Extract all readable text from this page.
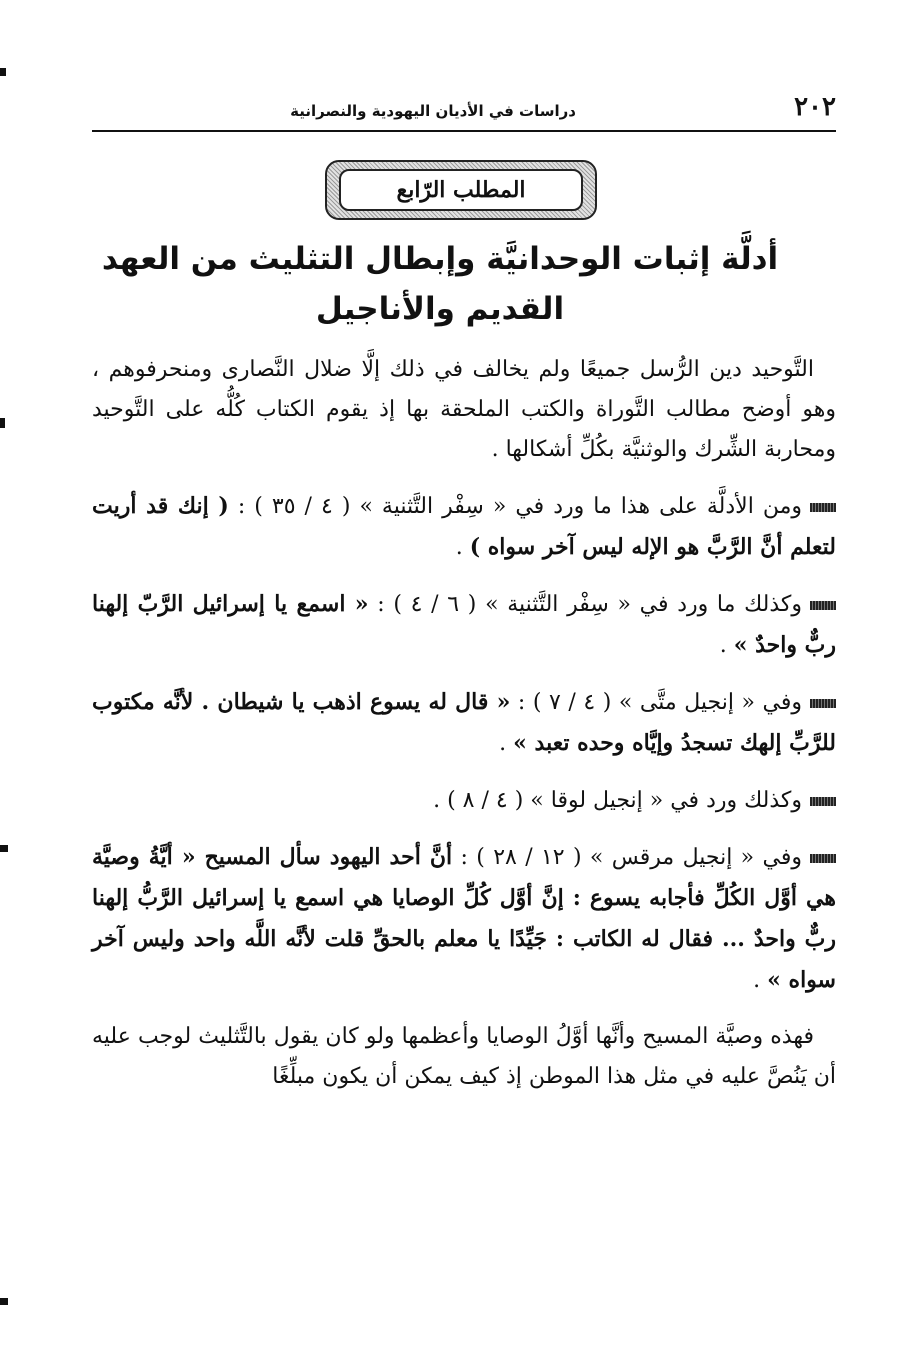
٢٠٢
دراسات في الأديان اليهودية والنصرانية
المطلب الرّابع
أدلَّة إثبات الوحدانيَّة وإبطال التثليث من العهد
القديم والأناجيل

التَّوحيد دين الرُّسل جميعًا ولم يخالف في ذلك إلَّا ضلال النَّصارى ومنحرفوهم ، وهو أوضح مطالب التَّوراة والكتب الملحقة بها إذ يقوم الكتاب كُلُّه على التَّوحيد ومحاربة الشِّرك والوثنيَّة بكُلِّ أشكالها .

ومن الأدلَّة على هذا ما ورد في « سِفْر التَّثنية » ( ٤ / ٣٥ ) : ( إنك قد أريت لتعلم أنَّ الرَّبَّ هو الإله ليس آخر سواه ) .

وكذلك ما ورد في « سِفْر التَّثنية » ( ٦ / ٤ ) : « اسمع يا إسرائيل الرَّبّ إلهنا ربٌّ واحدٌ » .

وفي « إنجيل متَّى » ( ٤ / ٧ ) : « قال له يسوع اذهب يا شيطان . لأنَّه مكتوب للرَّبِّ إلهك تسجدُ وإيَّاه وحده تعبد » .

وكذلك ورد في « إنجيل لوقا » ( ٤ / ٨ ) .

وفي « إنجيل مرقس » ( ١٢ / ٢٨ ) : أنَّ أحد اليهود سأل المسيح « أيَّةُ وصيَّة هي أوَّل الكُلِّ فأجابه يسوع : إنَّ أوَّل كُلِّ الوصايا هي اسمع يا إسرائيل الرَّبُّ إلهنا ربٌّ واحدٌ ... فقال له الكاتب : جَيِّدًا يا معلم بالحقِّ قلت لأنَّه اللَّه واحد وليس آخر سواه » .

فهذه وصيَّة المسيح وأنَّها أوَّلُ الوصايا وأعظمها ولو كان يقول بالتَّثليث لوجب عليه أن يَنُصَّ عليه في مثل هذا الموطن إذ كيف يمكن أن يكون مبلِّغًا
